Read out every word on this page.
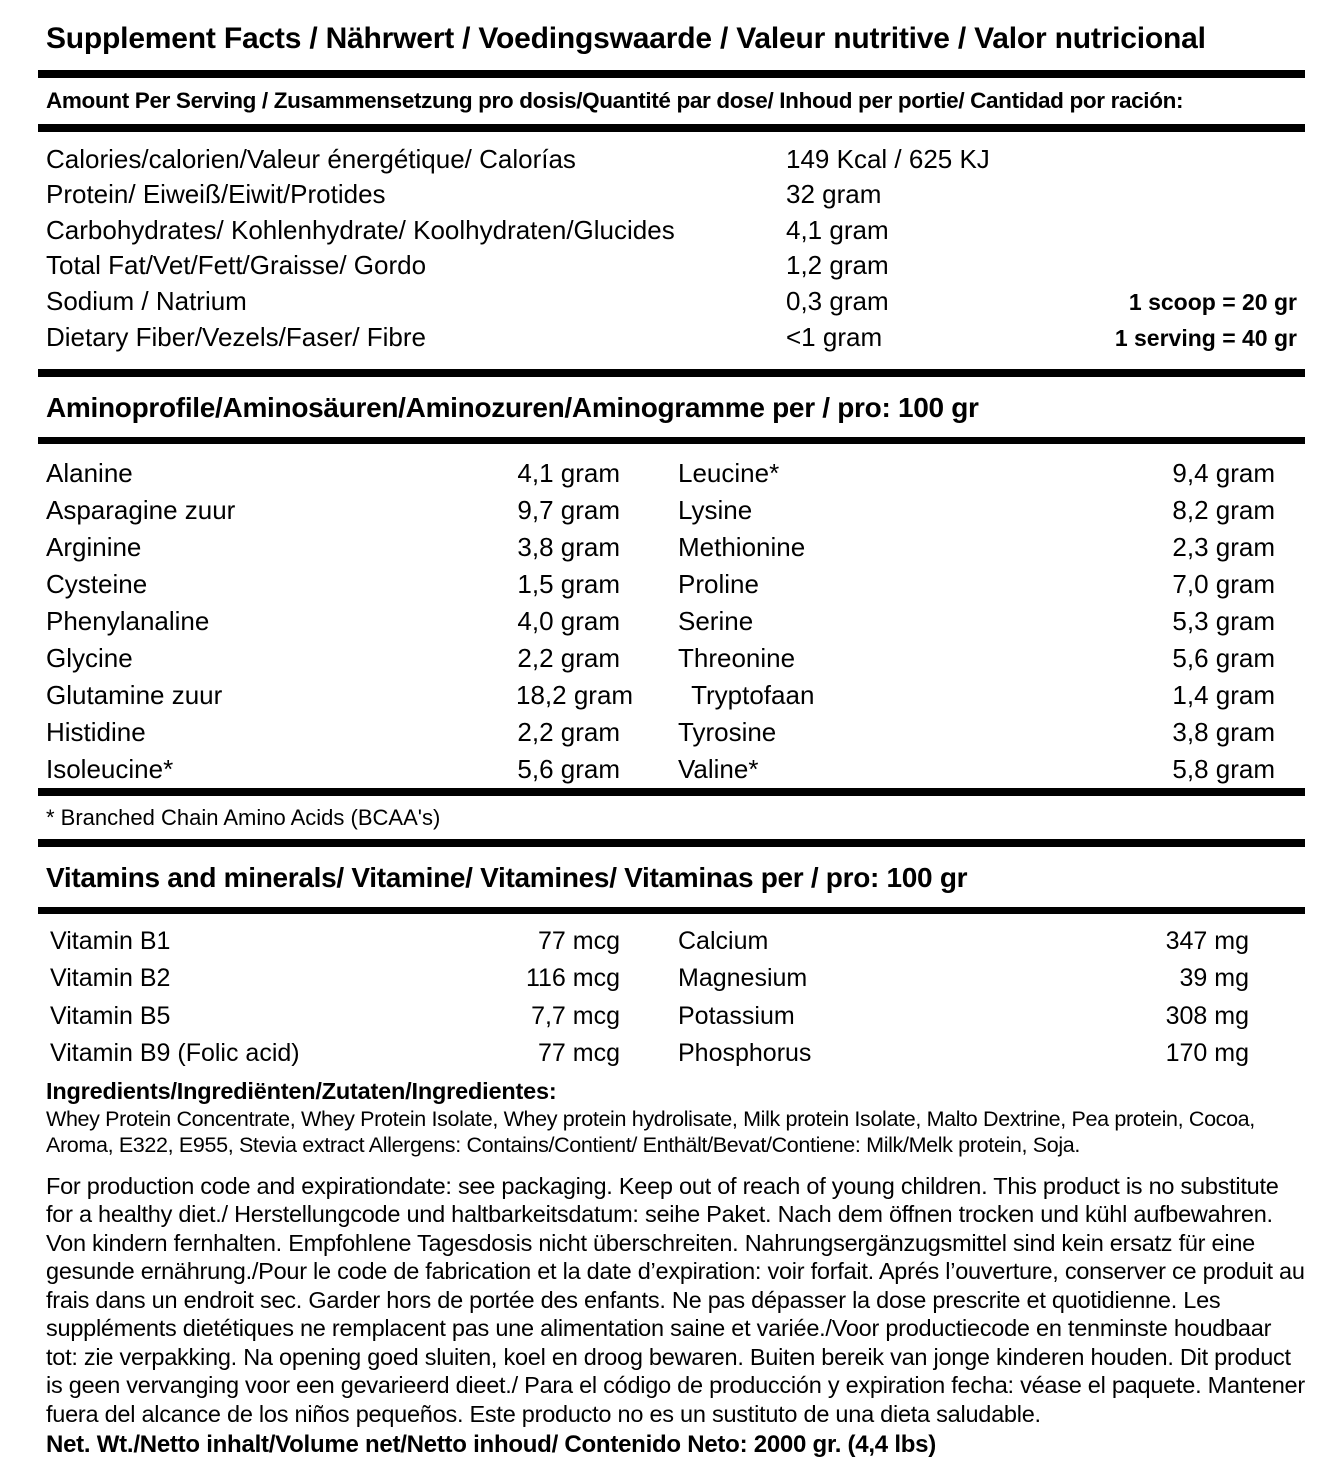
Supplement Facts / Nährwert / Voedingswaarde / Valeur nutritive / Valor nutricional
Amount Per Serving / Zusammensetzung pro dosis/Quantité par dose/ Inhoud per portie/ Cantidad por ración:
Calories/calorien/Valeur énergétique/ Calorías	149 Kcal / 625 KJ
Protein/ Eiweiß/Eiwit/Protides	32 gram
Carbohydrates/ Kohlenhydrate/ Koolhydraten/Glucides	4,1 gram
Total Fat/Vet/Fett/Graisse/ Gordo	1,2 gram
Sodium / Natrium	0,3 gram	1 scoop = 20 gr
Dietary Fiber/Vezels/Faser/ Fibre	<1 gram	1 serving = 40 gr
Aminoprofile/Aminosäuren/Aminozuren/Aminogramme per / pro: 100 gr
Alanine	4,1 gram	Leucine*	9,4 gram
Asparagine zuur	9,7 gram	Lysine	8,2 gram
Arginine	3,8 gram	Methionine	2,3 gram
Cysteine	1,5 gram	Proline	7,0 gram
Phenylanaline	4,0 gram	Serine	5,3 gram
Glycine	2,2 gram	Threonine	5,6 gram
Glutamine zuur	18,2 gram	Tryptofaan	1,4 gram
Histidine	2,2 gram	Tyrosine	3,8 gram
Isoleucine*	5,6 gram	Valine*	5,8 gram
* Branched Chain Amino Acids (BCAA's)
Vitamins and minerals/ Vitamine/ Vitamines/ Vitaminas per / pro: 100 gr
Vitamin B1	77 mcg	Calcium	347 mg
Vitamin B2	116 mcg	Magnesium	39 mg
Vitamin B5	7,7 mcg	Potassium	308 mg
Vitamin B9 (Folic acid)	77 mcg	Phosphorus	170 mg
Ingredients/Ingrediënten/Zutaten/Ingredientes:
Whey Protein Concentrate, Whey Protein Isolate, Whey protein hydrolisate, Milk protein Isolate, Malto Dextrine, Pea protein, Cocoa, Aroma, E322, E955, Stevia extract Allergens: Contains/Contient/ Enthält/Bevat/Contiene: Milk/Melk protein, Soja.

For production code and expirationdate: see packaging. Keep out of reach of young children. This product is no substitute for a healthy diet./ Herstellungcode und haltbarkeitsdatum: seihe Paket. Nach dem öffnen trocken und kühl aufbewahren. Von kindern fernhalten. Empfohlene Tagesdosis nicht überschreiten. Nahrungsergänzugsmittel sind kein ersatz für eine gesunde ernährung./Pour le code de fabrication et la date d’expiration: voir forfait. Aprés l’ouverture, conserver ce produit au frais dans un endroit sec. Garder hors de portée des enfants. Ne pas dépasser la dose prescrite et quotidienne. Les suppléments dietétiques ne remplacent pas une alimentation saine et variée./Voor productiecode en tenminste houdbaar tot: zie verpakking. Na opening goed sluiten, koel en droog bewaren. Buiten bereik van jonge kinderen houden. Dit product is geen vervanging voor een gevarieerd dieet./ Para el código de producción y expiration fecha: véase el paquete. Mantener fuera del alcance de los niños pequeños. Este producto no es un sustituto de una dieta saludable.

Net. Wt./Netto inhalt/Volume net/Netto inhoud/ Contenido Neto: 2000 gr. (4,4 lbs)
